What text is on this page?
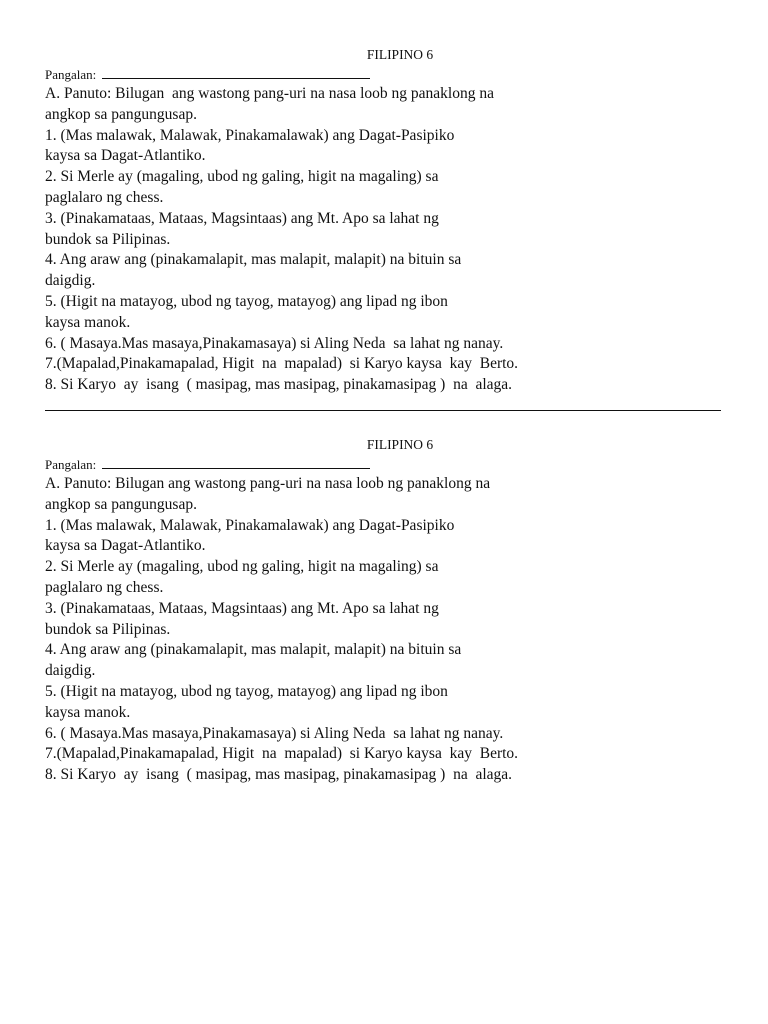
FILIPINO 6
Pangalan:
A. Panuto: Bilugan  ang wastong pang-uri na nasa loob ng panaklong na
angkop sa pangungusap.
1. (Mas malawak, Malawak, Pinakamalawak) ang Dagat-Pasipiko
kaysa sa Dagat-Atlantiko.
2. Si Merle ay (magaling, ubod ng galing, higit na magaling) sa
paglalaro ng chess.
3. (Pinakamataas, Mataas, Magsintaas) ang Mt. Apo sa lahat ng
bundok sa Pilipinas.
4. Ang araw ang (pinakamalapit, mas malapit, malapit) na bituin sa
daigdig.
5. (Higit na matayog, ubod ng tayog, matayog) ang lipad ng ibon
kaysa manok.
6. ( Masaya.Mas masaya,Pinakamasaya) si Aling Neda  sa lahat ng nanay.
7.(Mapalad,Pinakamapalad, Higit  na  mapalad)  si Karyo kaysa  kay  Berto.
8. Si Karyo  ay  isang  ( masipag, mas masipag, pinakamasipag )  na  alaga.
FILIPINO 6
Pangalan:
A. Panuto: Bilugan ang wastong pang-uri na nasa loob ng panaklong na
angkop sa pangungusap.
1. (Mas malawak, Malawak, Pinakamalawak) ang Dagat-Pasipiko
kaysa sa Dagat-Atlantiko.
2. Si Merle ay (magaling, ubod ng galing, higit na magaling) sa
paglalaro ng chess.
3. (Pinakamataas, Mataas, Magsintaas) ang Mt. Apo sa lahat ng
bundok sa Pilipinas.
4. Ang araw ang (pinakamalapit, mas malapit, malapit) na bituin sa
daigdig.
5. (Higit na matayog, ubod ng tayog, matayog) ang lipad ng ibon
kaysa manok.
6. ( Masaya.Mas masaya,Pinakamasaya) si Aling Neda  sa lahat ng nanay.
7.(Mapalad,Pinakamapalad, Higit  na  mapalad)  si Karyo kaysa  kay  Berto.
8. Si Karyo  ay  isang  ( masipag, mas masipag, pinakamasipag )  na  alaga.
